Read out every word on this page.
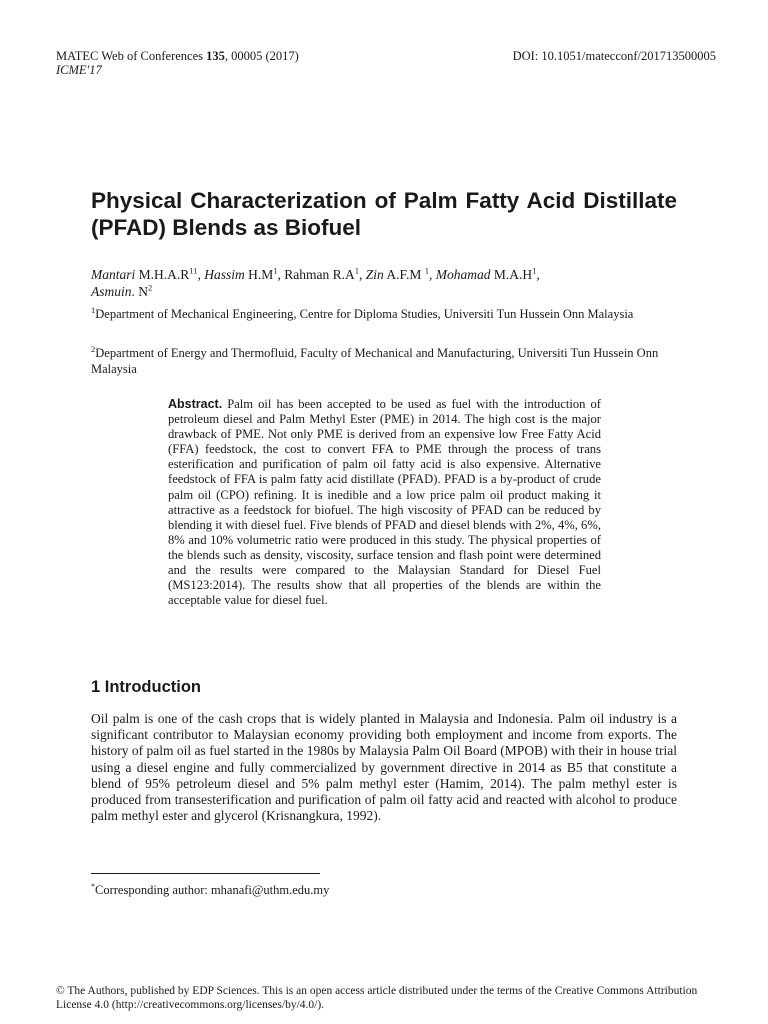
MATEC Web of Conferences 135, 00005 (2017)	DOI: 10.1051/matecconf/201713500005
ICME'17
Physical Characterization of Palm Fatty Acid Distillate (PFAD) Blends as Biofuel
Mantari $M.H.A.R^{11}$, Hassim $H.M^1$, Rahman $R.A^1$, Zin A.F.M $^1$, Mohamad $M.A.H^1$,
Asmuin. $N^2$
$^1$Department of Mechanical Engineering, Centre for Diploma Studies, Universiti Tun Hussein Onn Malaysia
$^2$Department of Energy and Thermofluid, Faculty of Mechanical and Manufacturing, Universiti Tun Hussein Onn Malaysia

Abstract. Palm oil has been accepted to be used as fuel with the introduction of petroleum diesel and Palm Methyl Ester (PME) in 2014. The high cost is the major drawback of PME. Not only PME is derived from an expensive low Free Fatty Acid (FFA) feedstock, the cost to convert FFA to PME through the process of trans esterification and purification of palm oil fatty acid is also expensive. Alternative feedstock of FFA is palm fatty acid distillate (PFAD). PFAD is a by-product of crude palm oil (CPO) refining. It is inedible and a low price palm oil product making it attractive as a feedstock for biofuel. The high viscosity of PFAD can be reduced by blending it with diesel fuel. Five blends of PFAD and diesel blends with 2%, 4%, 6%, 8% and 10% volumetric ratio were produced in this study. The physical properties of the blends such as density, viscosity, surface tension and flash point were determined and the results were compared to the Malaysian Standard for Diesel Fuel (MS123:2014). The results show that all properties of the blends are within the acceptable value for diesel fuel.

1 Introduction

Oil palm is one of the cash crops that is widely planted in Malaysia and Indonesia. Palm oil industry is a significant contributor to Malaysian economy providing both employment and income from exports. The history of palm oil as fuel started in the 1980s by Malaysia Palm Oil Board (MPOB) with their in house trial using a diesel engine and fully commercialized by government directive in 2014 as B5 that constitute a blend of 95% petroleum diesel and 5% palm methyl ester (Hamim, 2014). The palm methyl ester is produced from transesterification and purification of palm oil fatty acid and reacted with alcohol to produce palm methyl ester and glycerol (Krisnangkura, 1992).

*Corresponding author: mhanafi@uthm.edu.my

© The Authors, published by EDP Sciences. This is an open access article distributed under the terms of the Creative Commons Attribution License 4.0 (http://creativecommons.org/licenses/by/4.0/).
